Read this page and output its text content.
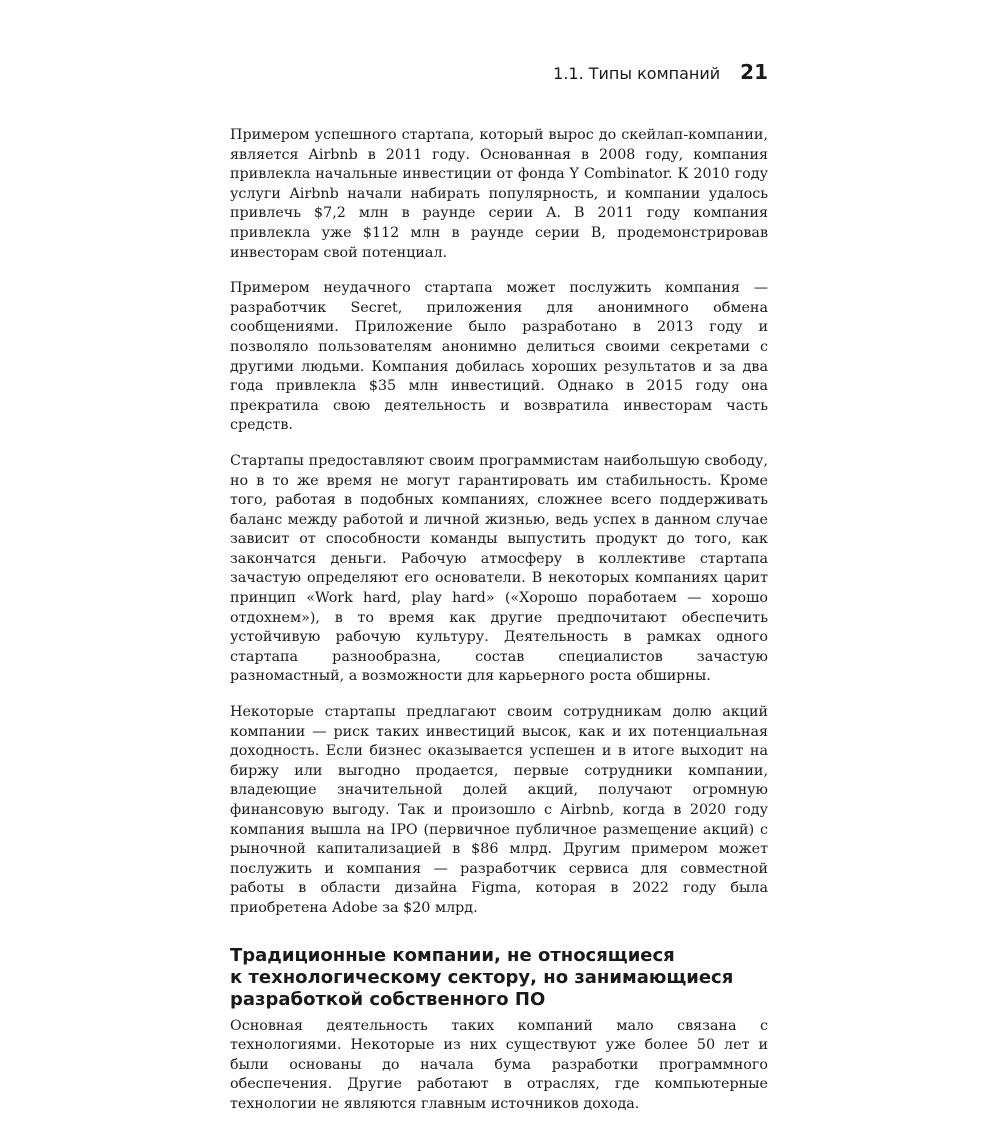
1.1. Типы компаний 21

Примером успешного стартапа, который вырос до скейлап-компании, является Airbnb в 2011 году. Основанная в 2008 году, компания привлекла начальные инвестиции от фонда Y Combinator. К 2010 году услуги Airbnb начали набирать популярность, и компании удалось привлечь $7,2 млн в раунде серии A. В 2011 году компания привлекла уже $112 млн в раунде серии B, продемонстрировав инвесторам свой потенциал.

Примером неудачного стартапа может послужить компания — разработчик Secret, приложения для анонимного обмена сообщениями. Приложение было разработано в 2013 году и позволяло пользователям анонимно делиться своими секретами с другими людьми. Компания добилась хороших результатов и за два года привлекла $35 млн инвестиций. Однако в 2015 году она прекратила свою деятельность и возвратила инвесторам часть средств.

Стартапы предоставляют своим программистам наибольшую свободу, но в то же время не могут гарантировать им стабильность. Кроме того, работая в подобных компаниях, сложнее всего поддерживать баланс между работой и личной жизнью, ведь успех в данном случае зависит от способности команды выпустить продукт до того, как закончатся деньги. Рабочую атмосферу в коллективе стартапа зачастую определяют его основатели. В некоторых компаниях царит принцип «Work hard, play hard» («Хорошо поработаем — хорошо отдохнем»), в то время как другие предпочитают обеспечить устойчивую рабочую культуру. Деятельность в рамках одного стартапа разнообразна, состав специалистов зачастую разномастный, а возможности для карьерного роста обширны.

Некоторые стартапы предлагают своим сотрудникам долю акций компании — риск таких инвестиций высок, как и их потенциальная доходность. Если бизнес оказывается успешен и в итоге выходит на биржу или выгодно продается, первые сотрудники компании, владеющие значительной долей акций, получают огромную финансовую выгоду. Так и произошло с Airbnb, когда в 2020 году компания вышла на IPO (первичное публичное размещение акций) с рыночной капитализацией в $86 млрд. Другим примером может послужить и компания — разработчик сервиса для совместной работы в области дизайна Figma, которая в 2022 году была приобретена Adobe за $20 млрд.

Традиционные компании, не относящиеся
к технологическому сектору, но занимающиеся
разработкой собственного ПО

Основная деятельность таких компаний мало связана с технологиями. Некоторые из них существуют уже более 50 лет и были основаны до начала бума разработки программного обеспечения. Другие работают в отраслях, где компьютерные технологии не являются главным источников дохода.
